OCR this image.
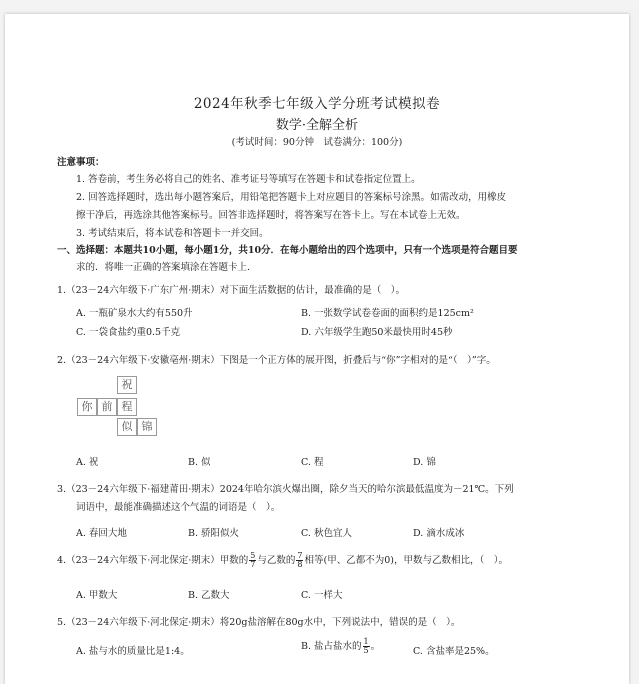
2024年秋季七年级入学分班考试模拟卷
数学·全解全析
(考试时间：90分钟　试卷满分：100分)
注意事项：
1. 答卷前，考生务必将自己的姓名、准考证号等填写在答题卡和试卷指定位置上。
2. 回答选择题时，选出每小题答案后，用铅笔把答题卡上对应题目的答案标号涂黑。如需改动，用橡皮
擦干净后，再选涂其他答案标号。回答非选择题时，将答案写在答卡上。写在本试卷上无效。
3. 考试结束后，将本试卷和答题卡一并交回。
一、选择题：本题共10小题，每小题1分，共10分．在每小题给出的四个选项中，只有一个选项是符合题目要
求的．将唯一正确的答案填涂在答题卡上.
1.（23－24六年级下·广东广州·期末）对下面生活数据的估计，最准确的是（　）。
A. 一瓶矿泉水大约有550升	B. 一张数学试卷卷面的面积约是125cm²
C. 一袋食盐约重0.5千克	D. 六年级学生跑50米最快用时45秒
2.（23－24六年级下·安徽亳州·期末）下图是一个正方体的展开图，折叠后与“你”字相对的是“（　）”字。
祝
你 前 程
似 锦
A. 祝	B. 似	C. 程	D. 锦
3.（23－24六年级下·福建莆田·期末）2024年哈尔滨火爆出圈，除夕当天的哈尔滨最低温度为－21℃。下列
词语中，最能准确描述这个气温的词语是（　）。
A. 春回大地	B. 骄阳似火	C. 秋色宜人	D. 滴水成冰
4.（23－24六年级下·河北保定·期末）甲数的 $\frac{5}{7}$ 与乙数的 $\frac{7}{8}$ 相等(甲、乙都不为0)，甲数与乙数相比，（　）。
A. 甲数大	B. 乙数大	C. 一样大
5.（23－24六年级下·河北保定·期末）将20g盐溶解在80g水中，下列说法中，错误的是（　）。
A. 盐与水的质量比是1:4。	B. 盐占盐水的 $\frac{1}{5}$ 。	C. 含盐率是25%。
